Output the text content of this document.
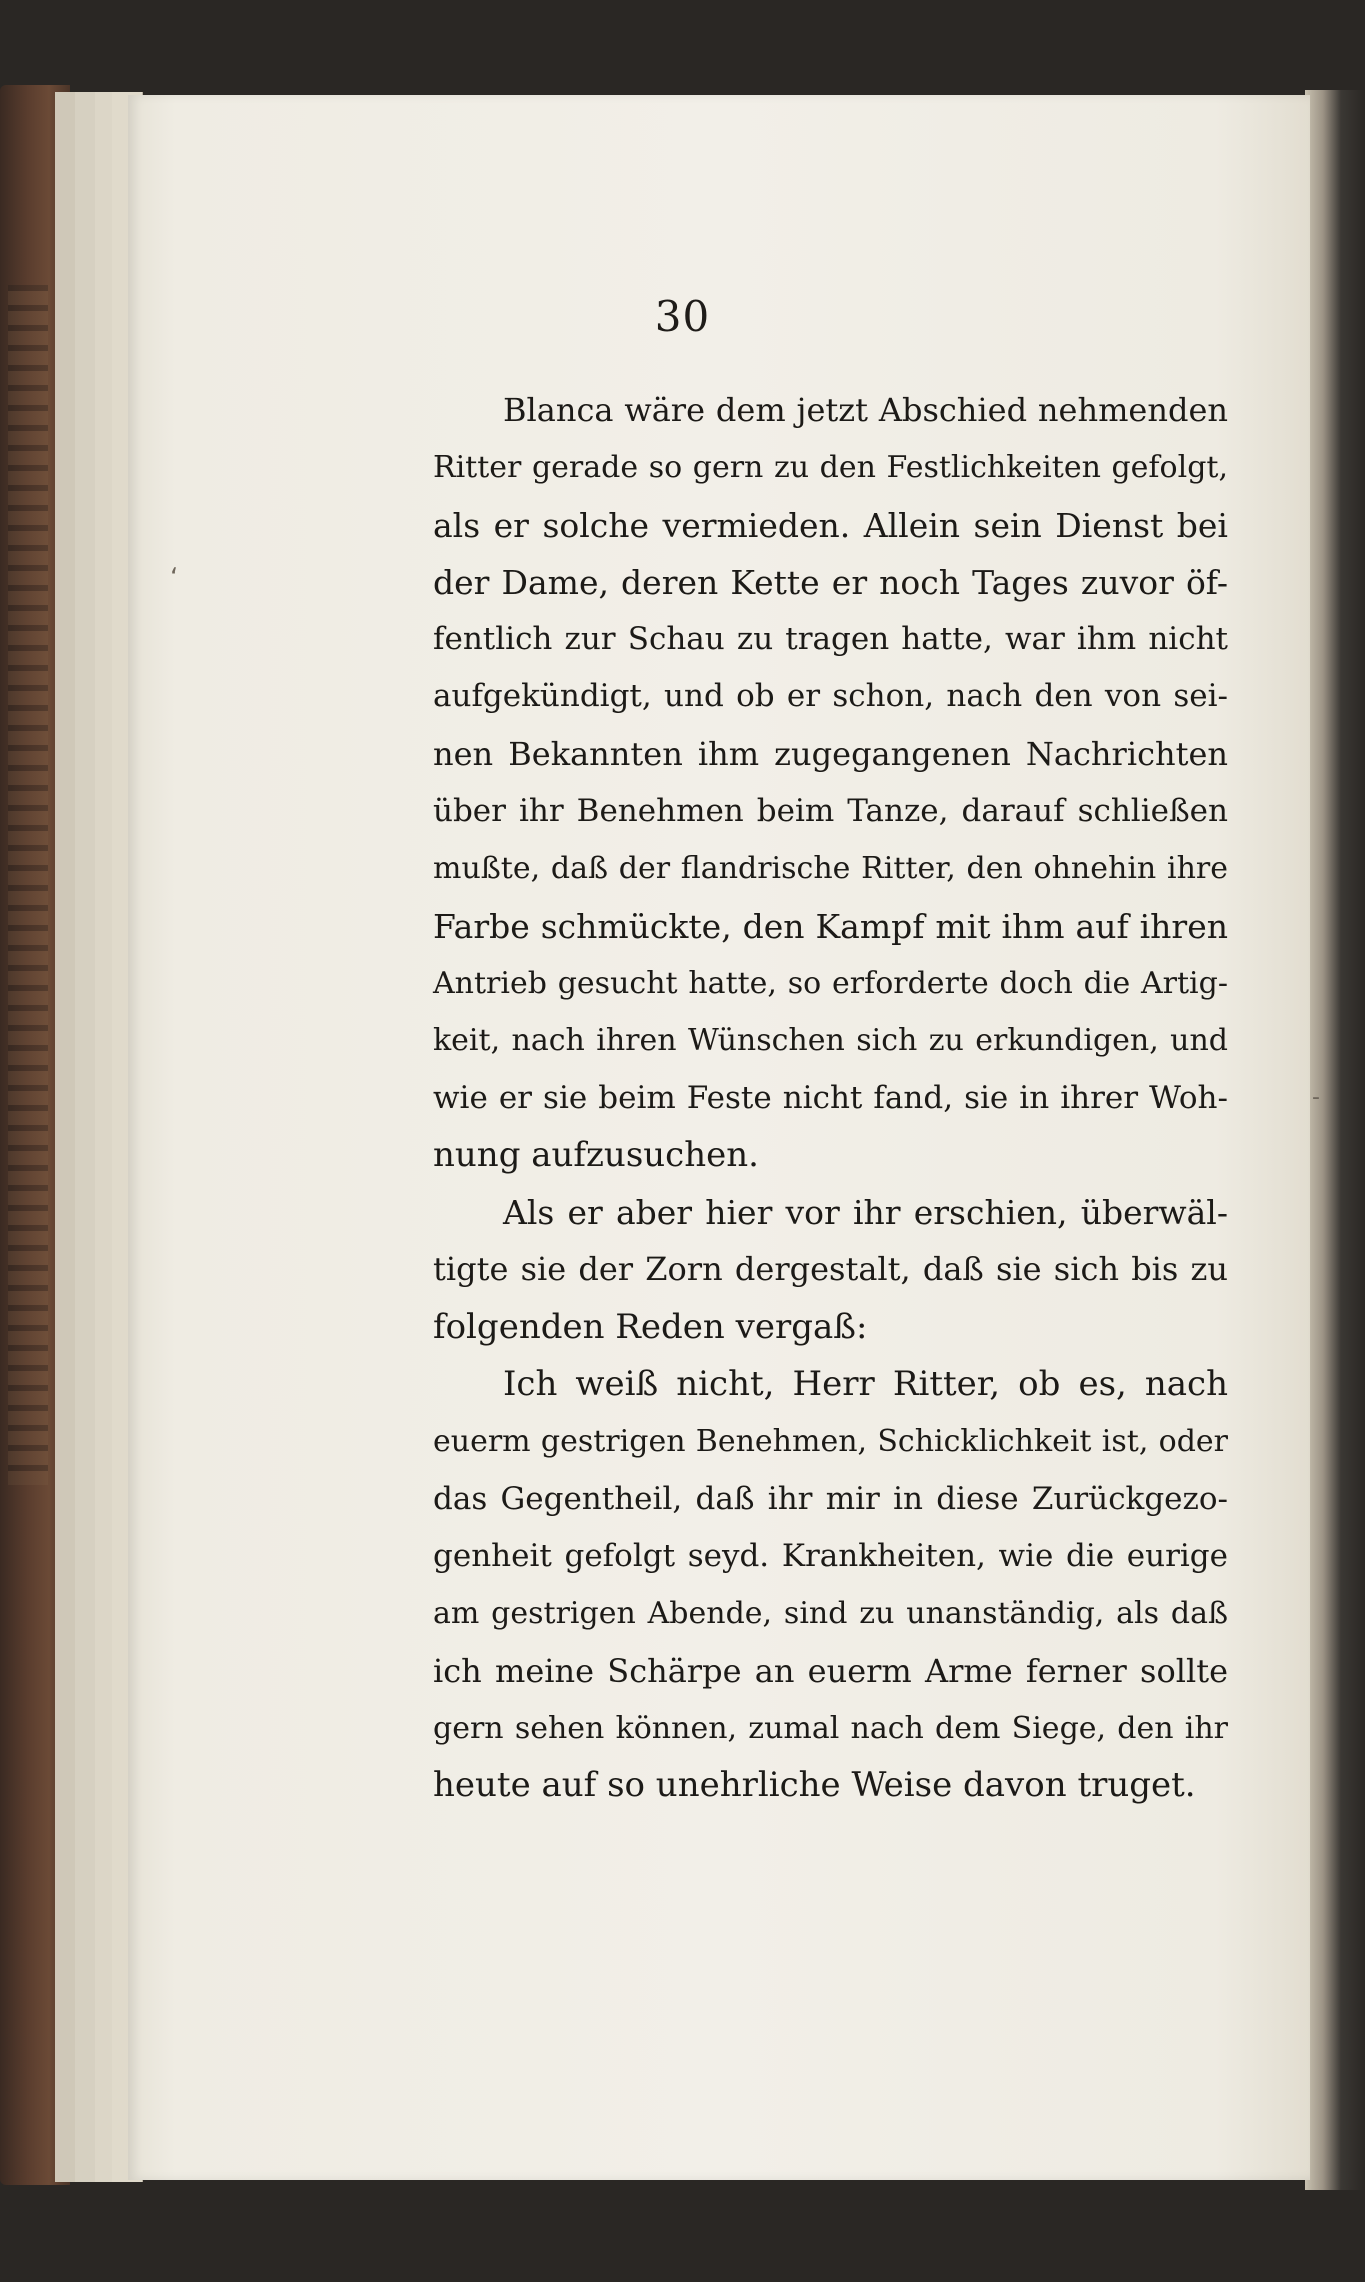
ʻ
-
30
Blanca wäre dem jetzt Abschied nehmenden
Ritter gerade so gern zu den Festlichkeiten gefolgt,
als er solche vermieden. Allein sein Dienst bei
der Dame, deren Kette er noch Tages zuvor öf-
fentlich zur Schau zu tragen hatte, war ihm nicht
aufgekündigt, und ob er schon, nach den von sei-
nen Bekannten ihm zugegangenen Nachrichten
über ihr Benehmen beim Tanze, darauf schließen
mußte, daß der flandrische Ritter, den ohnehin ihre
Farbe schmückte, den Kampf mit ihm auf ihren
Antrieb gesucht hatte, so erforderte doch die Artig-
keit, nach ihren Wünschen sich zu erkundigen, und
wie er sie beim Feste nicht fand, sie in ihrer Woh-
nung aufzusuchen.
Als er aber hier vor ihr erschien, überwäl-
tigte sie der Zorn dergestalt, daß sie sich bis zu
folgenden Reden vergaß:
Ich weiß nicht, Herr Ritter, ob es, nach
euerm gestrigen Benehmen, Schicklichkeit ist, oder
das Gegentheil, daß ihr mir in diese Zurückgezo-
genheit gefolgt seyd. Krankheiten, wie die eurige
am gestrigen Abende, sind zu unanständig, als daß
ich meine Schärpe an euerm Arme ferner sollte
gern sehen können, zumal nach dem Siege, den ihr
heute auf so unehrliche Weise davon truget.
